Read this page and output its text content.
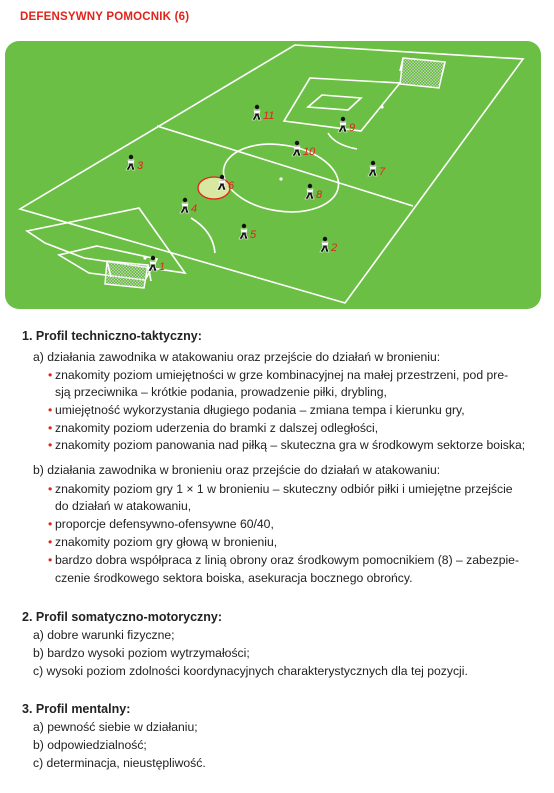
DEFENSYWNY POMOCNIK (6)
1
2
3
4
5
6
7
8
9
10
11
1. Profil techniczno-taktyczny:
a) działania zawodnika w atakowaniu oraz przejście do działań w bronieniu:
• znakomity poziom umiejętności w grze kombinacyjnej na małej przestrzeni, pod pre-
sją przeciwnika – krótkie podania, prowadzenie piłki, drybling,
• umiejętność wykorzystania długiego podania – zmiana tempa i kierunku gry,
• znakomity poziom uderzenia do bramki z dalszej odległości,
• znakomity poziom panowania nad piłką – skuteczna gra w środkowym sektorze boiska;
b) działania zawodnika w bronieniu oraz przejście do działań w atakowaniu:
• znakomity poziom gry 1 × 1 w bronieniu – skuteczny odbiór piłki i umiejętne przejście
do działań w atakowaniu,
• proporcje defensywno-ofensywne 60/40,
• znakomity poziom gry głową w bronieniu,
• bardzo dobra współpraca z linią obrony oraz środkowym pomocnikiem (8) – zabezpie-
czenie środkowego sektora boiska, asekuracja bocznego obrońcy.
2. Profil somatyczno-motoryczny:
a) dobre warunki fizyczne;
b) bardzo wysoki poziom wytrzymałości;
c) wysoki poziom zdolności koordynacyjnych charakterystycznych dla tej pozycji.
3. Profil mentalny:
a) pewność siebie w działaniu;
b) odpowiedzialność;
c) determinacja, nieustępliwość.
